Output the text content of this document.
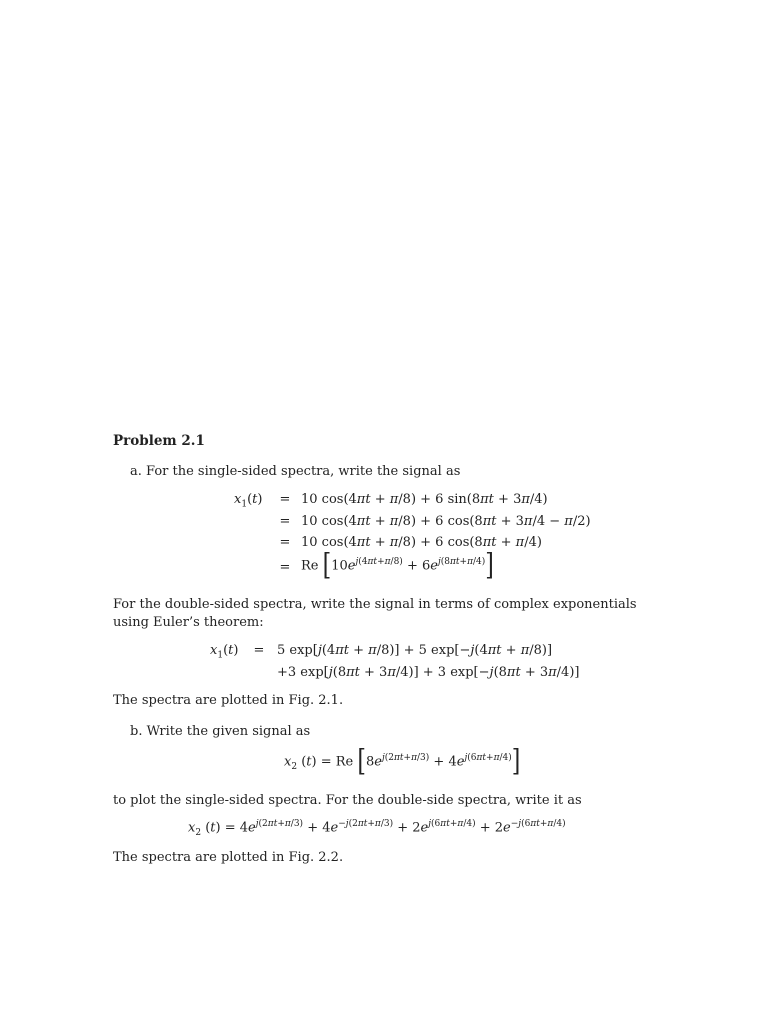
Problem 2.1
a. For the single-sided spectra, write the signal as
$x_1(t) = 10$ cos(4πt + π/8) + 6 sin(8πt + 3π/4)
= 10 cos(4πt + π/8) + 6 cos(8πt + 3π/4 − π/2)
= 10 cos(4πt + π/8) + 6 cos(8πt + π/4)
= Re $[10e^{j(4\pi t+\pi/8)} + 6e^{j(8\pi t+\pi/4)}]$
For the double-sided spectra, write the signal in terms of complex exponentials using Euler’s theorem:
$x_1(t) = 5$ exp[j(4πt + π/8)] + 5 exp[−j(4πt + π/8)]
+3 exp[j(8πt + 3π/4)] + 3 exp[−j(8πt + 3π/4)]
The spectra are plotted in Fig. 2.1.
b. Write the given signal as
$x_2$ (t) = Re $[8e^{j(2\pi t+\pi/3)} + 4e^{j(6\pi t+\pi/4)}]$
to plot the single-sided spectra. For the double-side spectra, write it as
$x_2$ $(t) = 4e^{j(2\pi t+\pi/3)} + 4e^{-j(2\pi t+\pi/3)} + 2e^{j(6\pi t+\pi/4)} + 2e^{-j(6\pi t+\pi/4)}$
The spectra are plotted in Fig. 2.2.
